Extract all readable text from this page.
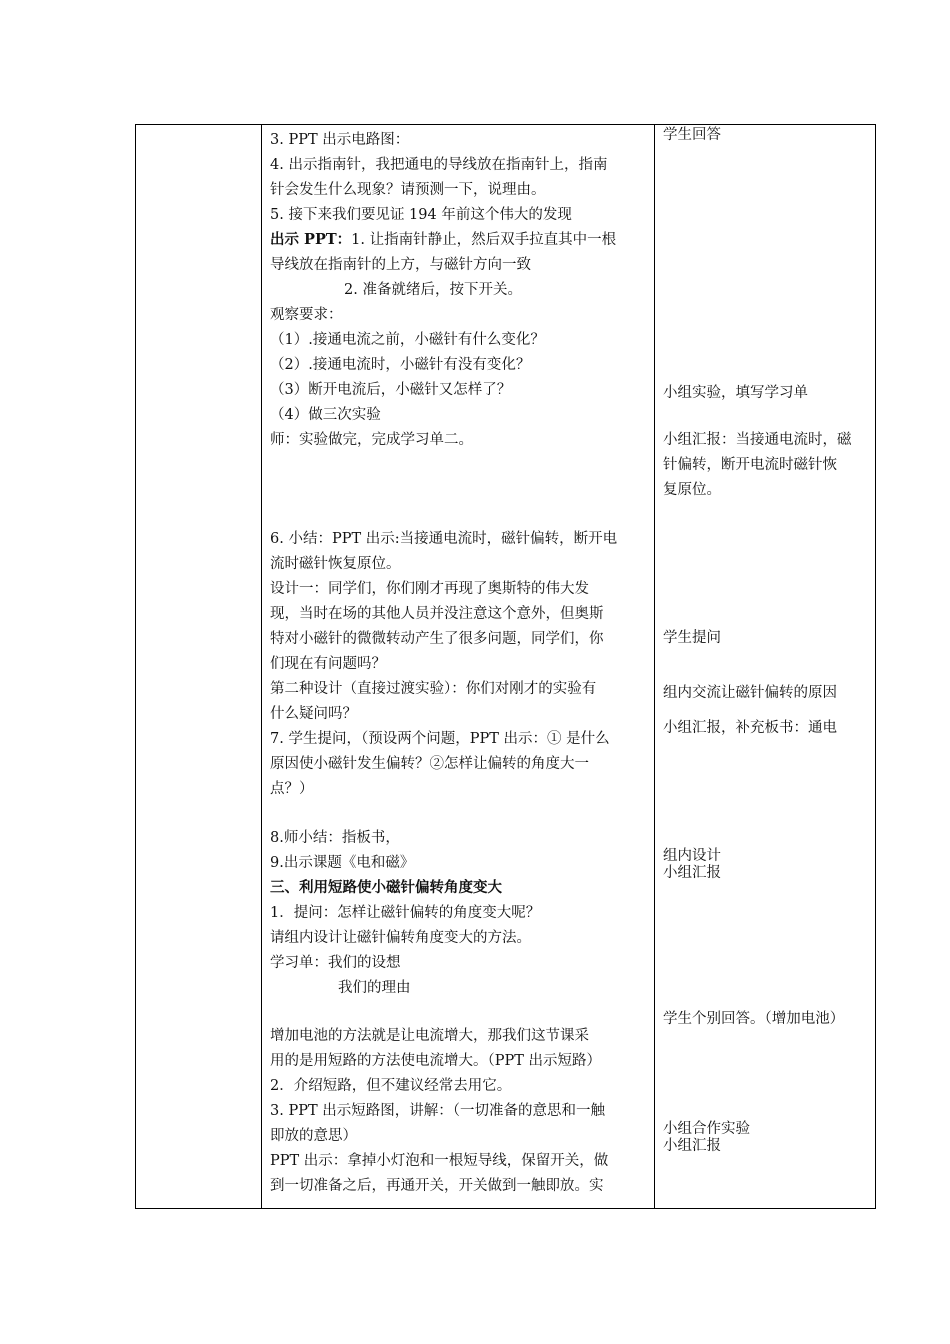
3. PPT 出示电路图：
4. 出示指南针，我把通电的导线放在指南针上，指南
针会发生什么现象？请预测一下，说理由。
5. 接下来我们要见证 194 年前这个伟大的发现
出示 PPT：1. 让指南针静止，然后双手拉直其中一根
导线放在指南针的上方，与磁针方向一致
2. 准备就绪后，按下开关。
观察要求：
（1）.接通电流之前，小磁针有什么变化？
（2）.接通电流时，小磁针有没有变化？
（3）断开电流后，小磁针又怎样了？
（4）做三次实验
师：实验做完，完成学习单二。
6. 小结：PPT 出示:当接通电流时，磁针偏转，断开电
流时磁针恢复原位。
设计一：同学们，你们刚才再现了奥斯特的伟大发
现，当时在场的其他人员并没注意这个意外，但奥斯
特对小磁针的微微转动产生了很多问题，同学们，你
们现在有问题吗？
第二种设计（直接过渡实验）：你们对刚才的实验有
什么疑问吗？
7. 学生提问，（预设两个问题，PPT 出示：① 是什么
原因使小磁针发生偏转？②怎样让偏转的角度大一
点？）
8.师小结：指板书，
9.出示课题《电和磁》
三、利用短路使小磁针偏转角度变大
1．提问：怎样让磁针偏转的角度变大呢？
请组内设计让磁针偏转角度变大的方法。
学习单：我们的设想
我们的理由
增加电池的方法就是让电流增大，那我们这节课采
用的是用短路的方法使电流增大。（PPT 出示短路）
2．介绍短路，但不建议经常去用它。
3. PPT 出示短路图，讲解：（一切准备的意思和一触
即放的意思）
PPT 出示：拿掉小灯泡和一根短导线，保留开关，做
到一切准备之后，再通开关，开关做到一触即放。实
学生回答
小组实验，填写学习单
小组汇报：当接通电流时，磁
针偏转，断开电流时磁针恢
复原位。
学生提问
组内交流让磁针偏转的原因
小组汇报，补充板书：通电
组内设计
小组汇报
学生个别回答。（增加电池）
小组合作实验
小组汇报
